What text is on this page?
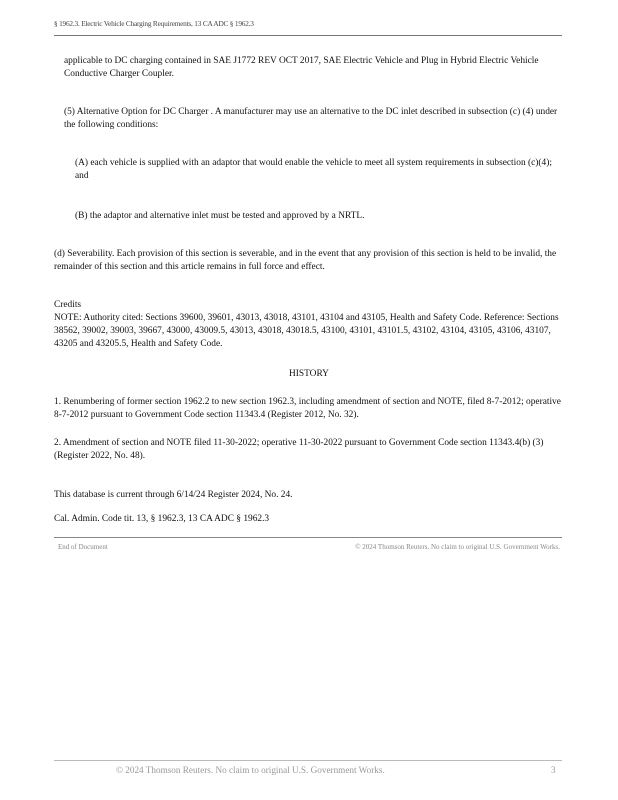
§ 1962.3. Electric Vehicle Charging Requirements, 13 CA ADC § 1962.3
applicable to DC charging contained in SAE J1772 REV OCT 2017, SAE Electric Vehicle and Plug in Hybrid Electric Vehicle Conductive Charger Coupler.
(5) Alternative Option for DC Charger . A manufacturer may use an alternative to the DC inlet described in subsection (c) (4) under the following conditions:
(A) each vehicle is supplied with an adaptor that would enable the vehicle to meet all system requirements in subsection (c)(4); and
(B) the adaptor and alternative inlet must be tested and approved by a NRTL.
(d) Severability. Each provision of this section is severable, and in the event that any provision of this section is held to be invalid, the remainder of this section and this article remains in full force and effect.
Credits
NOTE: Authority cited: Sections 39600, 39601, 43013, 43018, 43101, 43104 and 43105, Health and Safety Code. Reference: Sections 38562, 39002, 39003, 39667, 43000, 43009.5, 43013, 43018, 43018.5, 43100, 43101, 43101.5, 43102, 43104, 43105, 43106, 43107, 43205 and 43205.5, Health and Safety Code.
HISTORY
1. Renumbering of former section 1962.2 to new section 1962.3, including amendment of section and NOTE, filed 8-7-2012; operative 8-7-2012 pursuant to Government Code section 11343.4 (Register 2012, No. 32).
2. Amendment of section and NOTE filed 11-30-2022; operative 11-30-2022 pursuant to Government Code section 11343.4(b) (3) (Register 2022, No. 48).
This database is current through 6/14/24 Register 2024, No. 24.
Cal. Admin. Code tit. 13, § 1962.3, 13 CA ADC § 1962.3
End of Document	© 2024 Thomson Reuters. No claim to original U.S. Government Works.
© 2024 Thomson Reuters. No claim to original U.S. Government Works.	3
